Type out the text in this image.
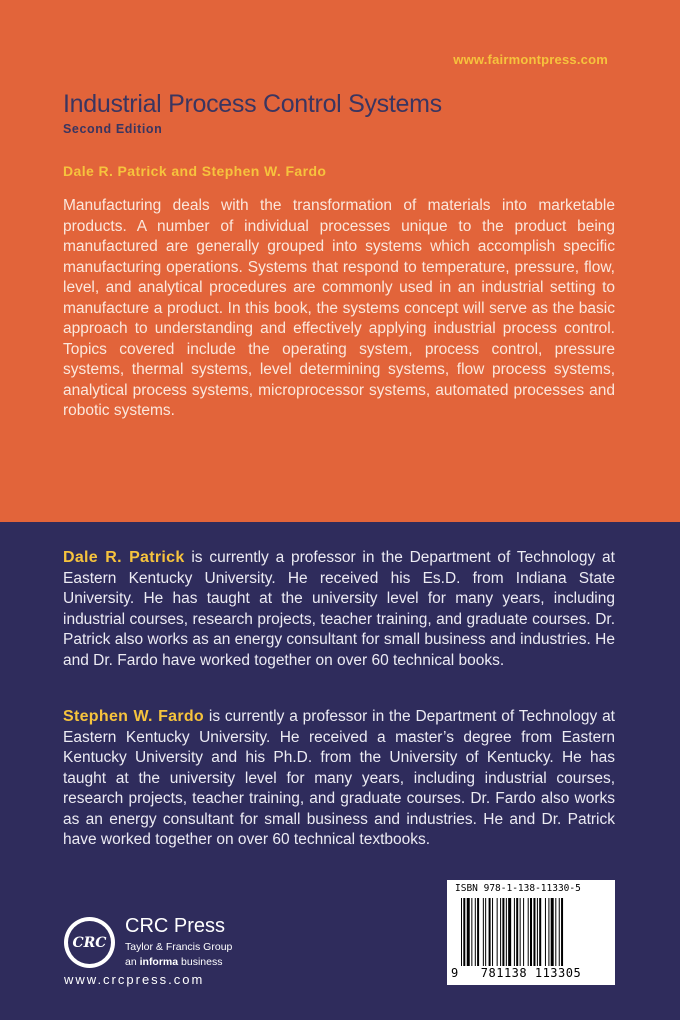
www.fairmontpress.com
Industrial Process Control Systems
Second Edition
Dale R. Patrick and Stephen W. Fardo
Manufacturing deals with the transformation of materials into marketable products. A number of individual processes unique to the product being manufactured are generally grouped into systems which accomplish specific manufacturing operations. Systems that respond to temperature, pressure, flow, level, and analytical procedures are commonly used in an industrial setting to manufacture a product. In this book, the systems concept will serve as the basic approach to understanding and effectively applying industrial process control. Topics covered include the operating system, process control, pressure systems, thermal systems, level determining systems, flow process systems, analytical process systems, microprocessor systems, automated processes and robotic systems.
Dale R. Patrick is currently a professor in the Department of Technology at Eastern Kentucky University. He received his Es.D. from Indiana State University. He has taught at the university level for many years, including industrial courses, research projects, teacher training, and graduate courses. Dr. Patrick also works as an energy consultant for small business and industries. He and Dr. Fardo have worked together on over 60 technical books.
Stephen W. Fardo is currently a professor in the Department of Technology at Eastern Kentucky University. He received a master’s degree from Eastern Kentucky University and his Ph.D. from the University of Kentucky. He has taught at the university level for many years, including industrial courses, research projects, teacher training, and graduate courses. Dr. Fardo also works as an energy consultant for small business and industries. He and Dr. Patrick have worked together on over 60 technical textbooks.
CRC
CRC Press
Taylor & Francis Group
an informa business
www.crcpress.com
ISBN 978-1-138-11330-5
9 781138 113305
